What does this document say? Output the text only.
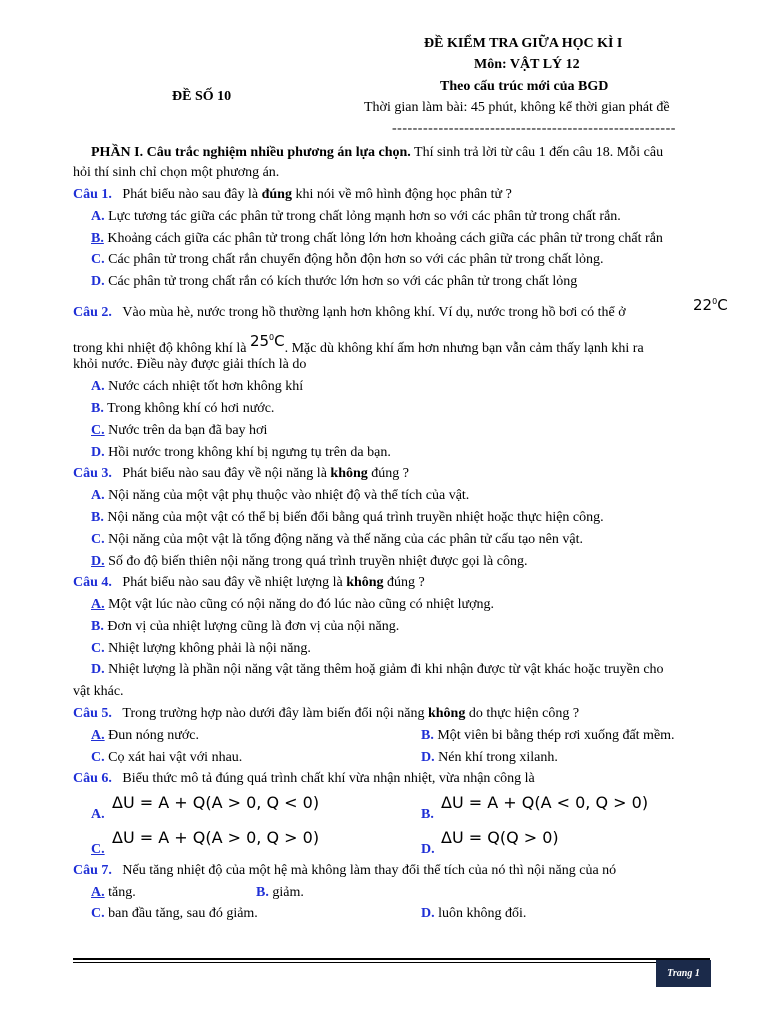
ĐỀ SỐ 10
ĐỀ KIỂM TRA GIỮA HỌC KÌ I
Môn: VẬT LÝ 12
Theo cấu trúc mới của BGD
Thời gian làm bài: 45 phút, không kể thời gian phát đề
-------------------------------------------------------
PHẦN I. Câu trắc nghiệm nhiều phương án lựa chọn. Thí sinh trả lời từ câu 1 đến câu 18. Mỗi câu
hỏi thí sinh chỉ chọn một phương án.
Câu 1. Phát biểu nào sau đây là đúng khi nói về mô hình động học phân tử ?
A. Lực tương tác giữa các phân tử trong chất lỏng mạnh hơn so với các phân tử trong chất rắn.
B. Khoảng cách giữa các phân tử trong chất lỏng lớn hơn khoảng cách giữa các phân tử trong chất rắn
C. Các phân tử trong chất rắn chuyển động hỗn độn hơn so với các phân tử trong chất lỏng.
D. Các phân tử trong chất rắn có kích thước lớn hơn so với các phân tử trong chất lỏng
Câu 2. Vào mùa hè, nước trong hồ thường lạnh hơn không khí. Ví dụ, nước trong hồ bơi có thể ở	$22^0C$
trong khi nhiệt độ không khí là $25^0C$. Mặc dù không khí ấm hơn nhưng bạn vẫn cảm thấy lạnh khi ra
khỏi nước. Điều này được giải thích là do
A. Nước cách nhiệt tốt hơn không khí
B. Trong không khí có hơi nước.
C. Nước trên da bạn đã bay hơi
D. Hồi nước trong không khí bị ngưng tụ trên da bạn.
Câu 3. Phát biểu nào sau đây về nội năng là không đúng ?
A. Nội năng của một vật phụ thuộc vào nhiệt độ và thể tích của vật.
B. Nội năng của một vật có thể bị biến đổi bằng quá trình truyền nhiệt hoặc thực hiện công.
C. Nội năng của một vật là tổng động năng và thế năng của các phân tử cấu tạo nên vật.
D. Số đo độ biến thiên nội năng trong quá trình truyền nhiệt được gọi là công.
Câu 4. Phát biểu nào sau đây về nhiệt lượng là không đúng ?
A. Một vật lúc nào cũng có nội năng do đó lúc nào cũng có nhiệt lượng.
B. Đơn vị của nhiệt lượng cũng là đơn vị của nội năng.
C. Nhiệt lượng không phải là nội năng.
D. Nhiệt lượng là phần nội năng vật tăng thêm hoặ giảm đi khi nhận được từ vật khác hoặc truyền cho
vật khác.
Câu 5. Trong trường hợp nào dưới đây làm biến đổi nội năng không do thực hiện công ?
A. Đun nóng nước.	B. Một viên bi bằng thép rơi xuống đất mềm.
C. Cọ xát hai vật với nhau.	D. Nén khí trong xilanh.
Câu 6. Biểu thức mô tả đúng quá trình chất khí vừa nhận nhiệt, vừa nhận công là
A.
ΔU = A + Q(A > 0, Q < 0)
B.
ΔU = A + Q(A < 0, Q > 0)
C.
ΔU = A + Q(A > 0, Q > 0)
D.
ΔU = Q(Q > 0)
Câu 7. Nếu tăng nhiệt độ của một hệ mà không làm thay đổi thể tích của nó thì nội năng của nó
A. tăng.	B. giảm.
C. ban đầu tăng, sau đó giảm.	D. luôn không đổi.
Trang 1
